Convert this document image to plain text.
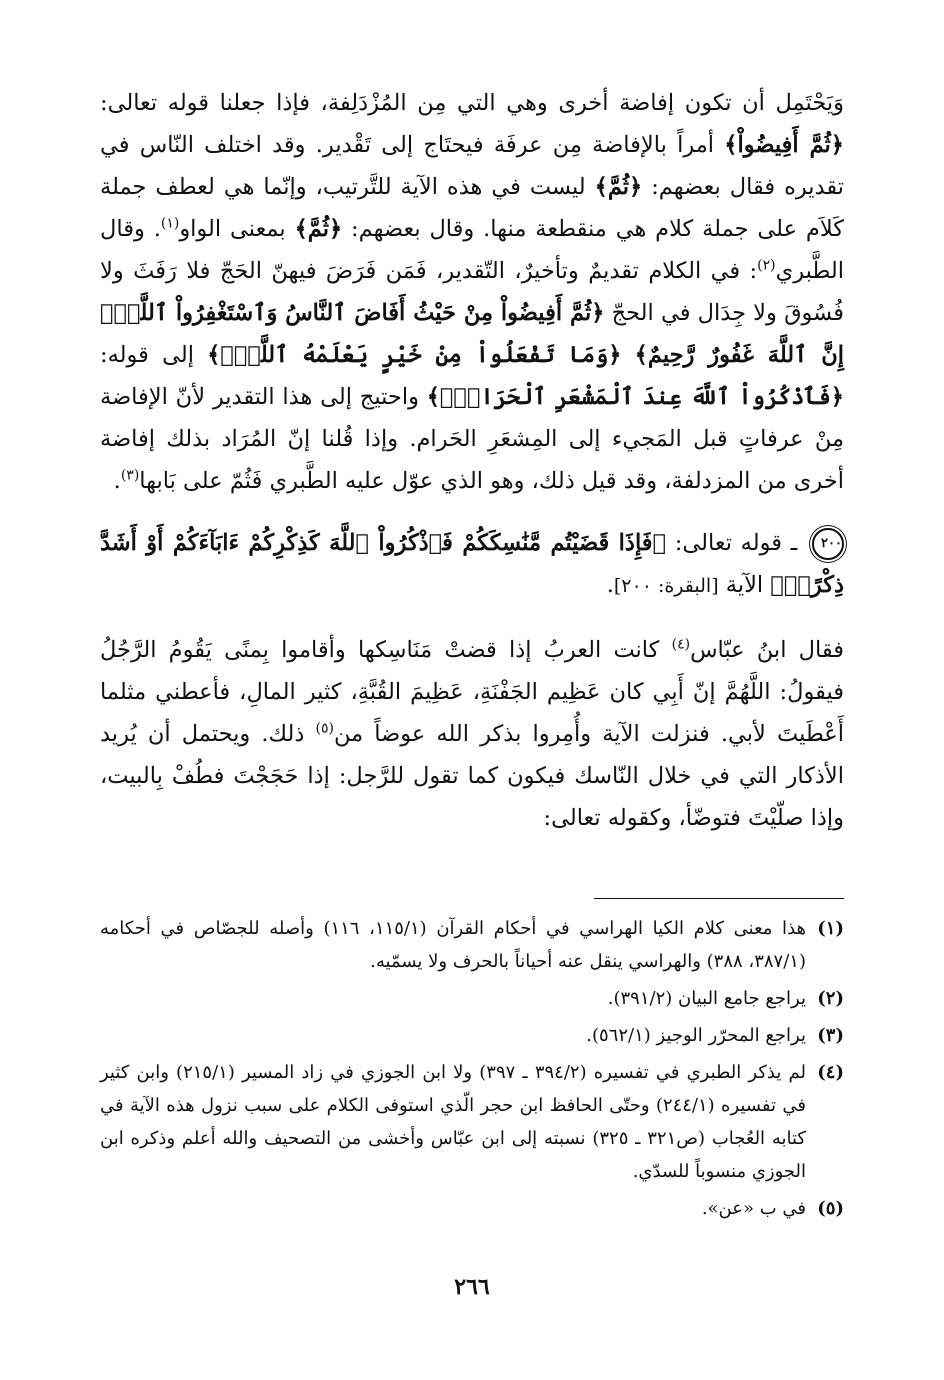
وَيَحْتَمِل أن تكون إفاضة أخرى وهي التي مِن المُزْدَلِفة، فإذا جعلنا قوله تعالى: ﴿ثُمَّ أَفِيضُواْ﴾ أمراً بالإفاضة مِن عرفَة فيحتَاج إلى تَقْدير. وقد اختلف النّاس في تقديره فقال بعضهم: ﴿ثُمَّ﴾ ليست في هذه الآية للتَّرتيب، وإنّما هي لعطف جملة كَلاَم على جملة كلام هي منقطعة منها. وقال بعضهم: ﴿ثُمَّ﴾ بمعنى الواو$^{(١)}$. وقال الطَّبري$^{(٢)}$: في الكلام تقديمٌ وتأخيرٌ، التّقدير، فَمَن فَرَضَ فيهنّ الحَجّ فلا رَفَثَ ولا فُسُوقَ ولا جِدَال في الحجّ ﴿ثُمَّ أَفِيضُواْ مِنْ حَيْثُ أَفَاضَ ٱلنَّاسُ وَٱسْتَغْفِرُواْ ٱللَّهَۚ إِنَّ ٱللَّهَ غَفُورٌ رَّحِيمٌ﴾ ﴿وَمَا تَفْعَلُواْ مِنْ خَيْرٍ يَعْلَمْهُ ٱللَّهُۗ﴾ إلى قوله: ﴿فَٱذْكُرُواْ ٱللَّهَ عِندَ ٱلْمَشْعَرِ ٱلْحَرَامِۖ﴾ واحتيج إلى هذا التقدير لأنّ الإفاضة مِنْ عرفاتٍ قبل المَجيء إلى المِشعَرِ الحَرام. وإذا قُلنا إنّ المُرَاد بذلك إفاضة أخرى من المزدلفة، وقد قيل ذلك، وهو الذي عوّل عليه الطَّبري فَثُمّ على بَابها$^{(٣)}$.

٢٠٠ ـ قوله تعالى: ﴿فَإِذَا قَضَيْتُم مَّنَٰسِكَكُمْ فَٱذْكُرُواْ ٱللَّهَ كَذِكْرِكُمْ ءَابَآءَكُمْ أَوْ أَشَدَّ ذِكْرًاۗ﴾ الآية [البقرة: ٢٠٠].

فقال ابنُ عبّاس$^{(٤)}$ كانت العربُ إذا قضتْ مَنَاسِكها وأقاموا بِمنًى يَقُومُ الرَّجُلُ فيقولُ: اللَّهُمَّ إنّ أَبِي كان عَظِيم الجَفْنَةِ، عَظِيمَ القُبَّةِ، كثير المالِ، فأعطني مثلما أَعْطَيتَ لأبي. فنزلت الآية وأُمِروا بذكر الله عوضاً من$^{(٥)}$ ذلك. ويحتمل أن يُريد الأذكار التي في خلال النّاسك فيكون كما تقول للرَّجل: إذا حَجَجْتَ فطُفْ بِالبيت، وإذا صلّيْتَ فتوضّأ، وكقوله تعالى:

(١)
هذا معنى كلام الكيا الهراسي في أحكام القرآن (١١٥/١، ١١٦) وأصله للجصّاص في أحكامه (٣٨٧/١، ٣٨٨) والهراسي ينقل عنه أحياناً بالحرف ولا يسمّيه.
(٢)
يراجع جامع البيان (٣٩١/٢).
(٣)
يراجع المحرّر الوجيز (٥٦٢/١).
(٤)
لم يذكر الطبري في تفسيره (٣٩٤/٢ ـ ٣٩٧) ولا ابن الجوزي في زاد المسير (٢١٥/١) وابن كثير في تفسيره (٢٤٤/١) وحتّى الحافظ ابن حجر الّذي استوفى الكلام على سبب نزول هذه الآية في كتابه العُجاب (ص٣٢١ ـ ٣٢٥) نسبته إلى ابن عبّاس وأخشى من التصحيف والله أعلم وذكره ابن الجوزي منسوباً للسدّي.
(٥)
في ب «عن».
٢٦٦
